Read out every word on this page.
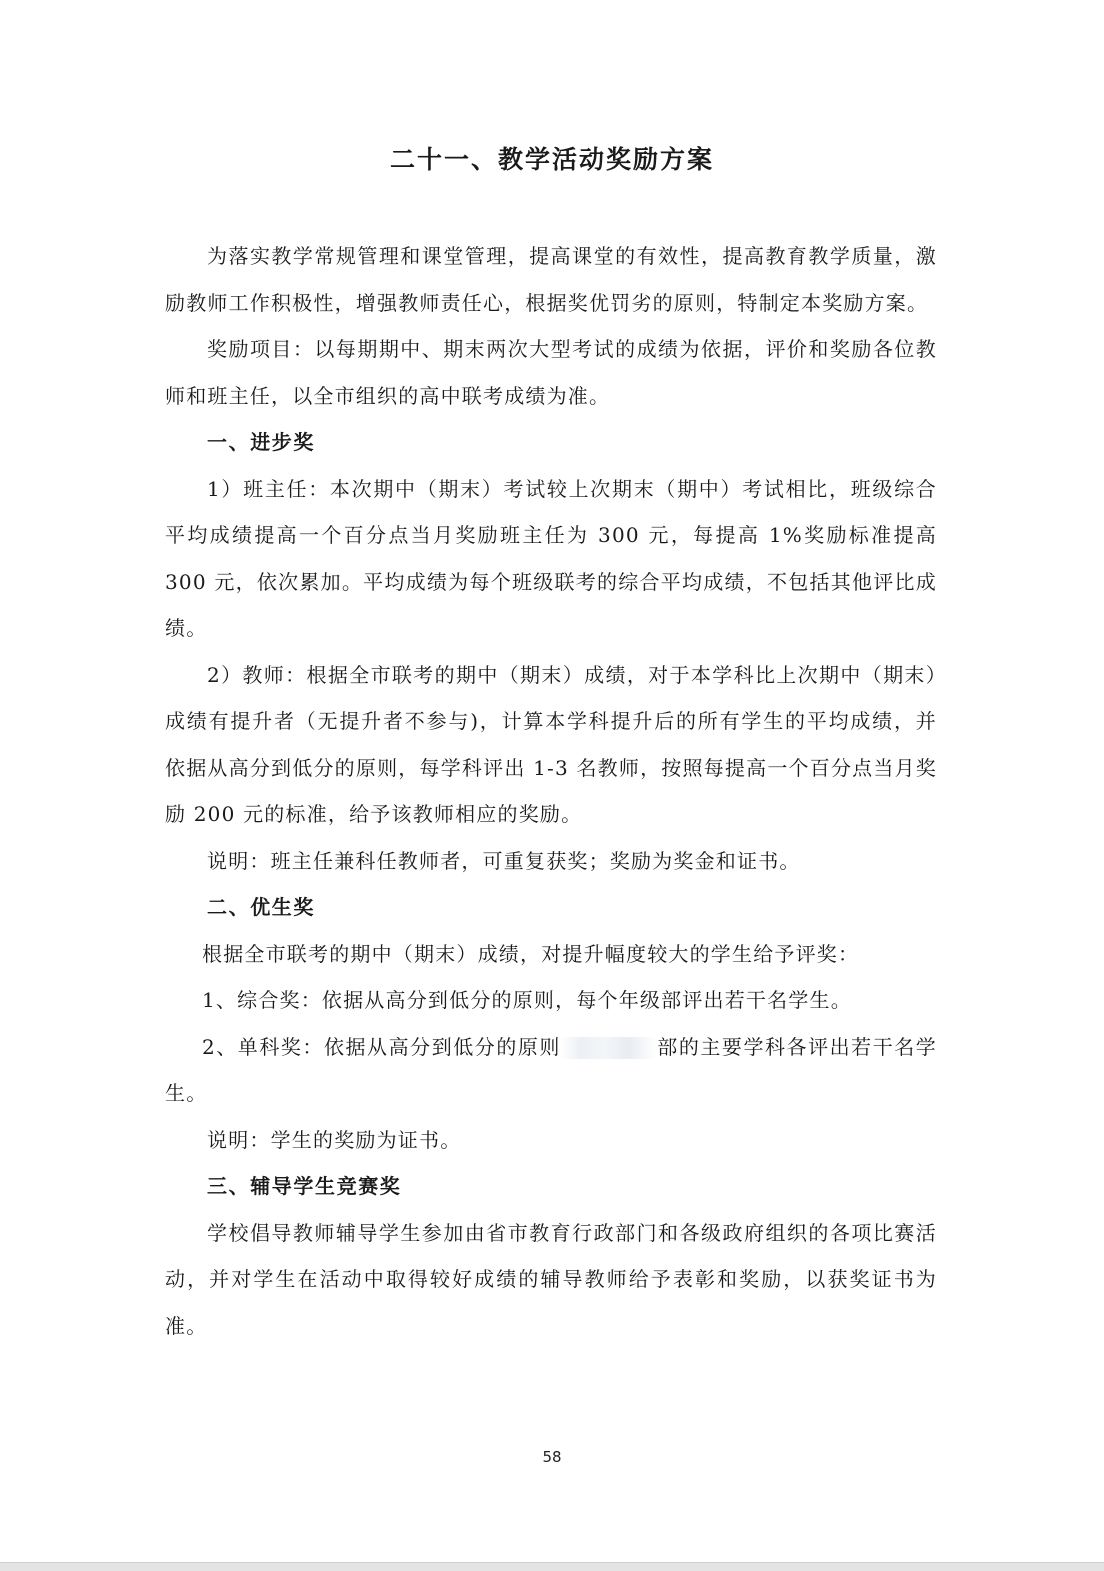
二十一、教学活动奖励方案

为落实教学常规管理和课堂管理，提高课堂的有效性，提高教育教学质量，激励教师工作积极性，增强教师责任心，根据奖优罚劣的原则，特制定本奖励方案。

奖励项目：以每期期中、期末两次大型考试的成绩为依据，评价和奖励各位教师和班主任，以全市组织的高中联考成绩为准。

一、进步奖

1）班主任：本次期中（期末）考试较上次期末（期中）考试相比，班级综合平均成绩提高一个百分点当月奖励班主任为 300 元，每提高 1%奖励标准提高 300 元，依次累加。平均成绩为每个班级联考的综合平均成绩，不包括其他评比成绩。

2）教师：根据全市联考的期中（期末）成绩，对于本学科比上次期中（期末）成绩有提升者（无提升者不参与)，计算本学科提升后的所有学生的平均成绩，并依据从高分到低分的原则，每学科评出 1-3 名教师，按照每提高一个百分点当月奖励 200 元的标准，给予该教师相应的奖励。

说明：班主任兼科任教师者，可重复获奖；奖励为奖金和证书。

二、优生奖

根据全市联考的期中（期末）成绩，对提升幅度较大的学生给予评奖：

1、综合奖：依据从高分到低分的原则，每个年级部评出若干名学生。

2、单科奖：依据从高分到低分的原则	部的主要学科各评出若干名学生。

说明：学生的奖励为证书。

三、辅导学生竞赛奖

学校倡导教师辅导学生参加由省市教育行政部门和各级政府组织的各项比赛活动，并对学生在活动中取得较好成绩的辅导教师给予表彰和奖励，以获奖证书为准。

58
